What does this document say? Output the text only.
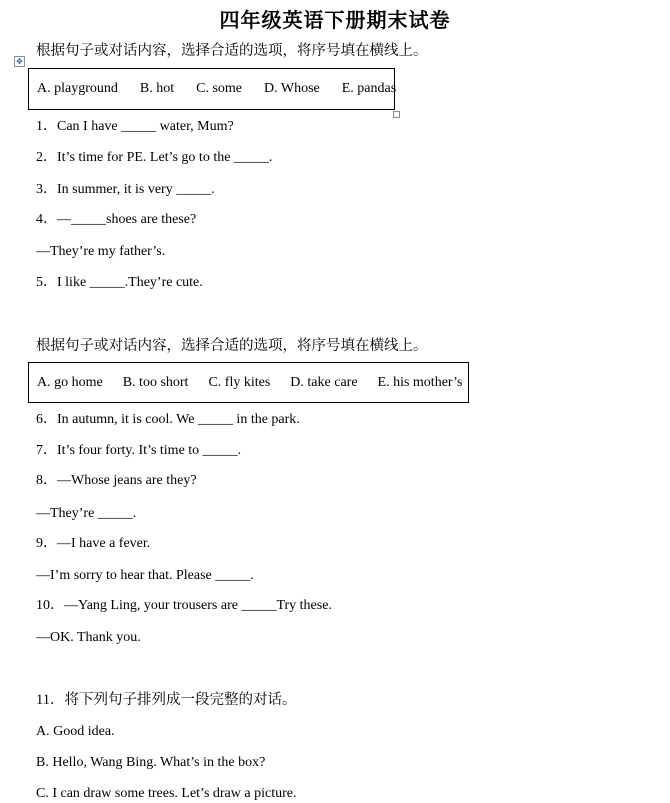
四年级英语下册期末试卷
✥
根据句子或对话内容，选择合适的选项，将序号填在横线上。
A. playground B. hot C. some D. Whose E. pandas
1．Can I have _____ water, Mum?
2．It’s time for PE. Let’s go to the _____.
3．In summer, it is very _____.
4．—_____shoes are these?
—They’re my father’s.
5．I like _____.They’re cute.
根据句子或对话内容，选择合适的选项，将序号填在横线上。
A. go home B. too short C. fly kites D. take care E. his mother’s
6．In autumn, it is cool. We _____ in the park.
7．It’s four forty. It’s time to _____.
8．—Whose jeans are they?
—They’re _____.
9．—I have a fever.
—I’m sorry to hear that. Please _____.
10．—Yang Ling, your trousers are _____Try these.
—OK. Thank you.
11．将下列句子排列成一段完整的对话。
A. Good idea.
B. Hello, Wang Bing. What’s in the box?
C. I can draw some trees. Let’s draw a picture.
